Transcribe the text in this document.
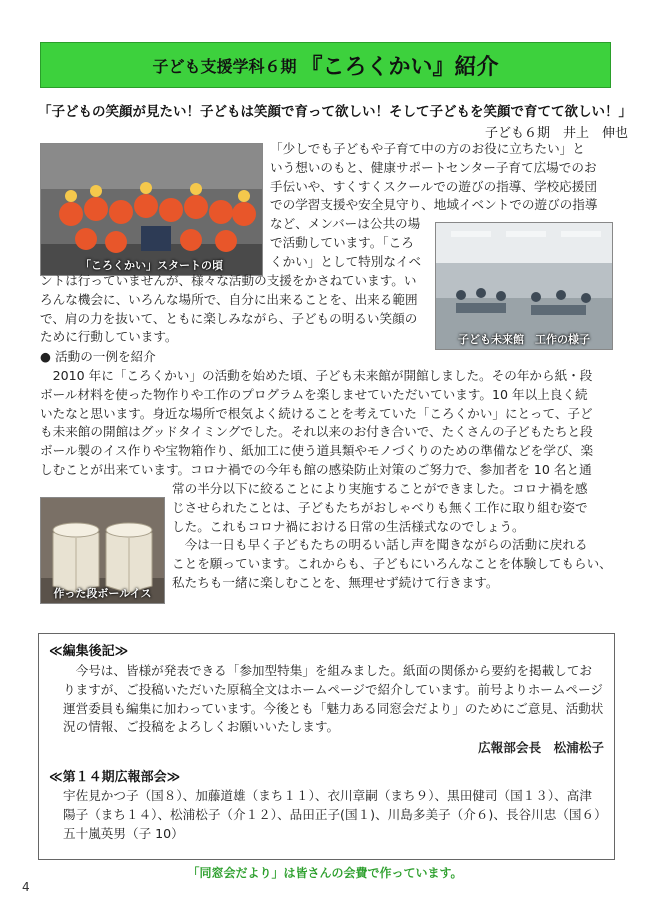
子ども支援学科６期 『ころくかい』紹介
「子どもの笑顔が見たい！子どもは笑顔で育って欲しい！そして子どもを笑顔で育てて欲しい！」
子ども６期　井上　伸也
「ころくかい」スタートの頃
子ども未来館　工作の様子
「少しでも子どもや子育て中の方のお役に立ちたい」と
いう想いのもと、健康サポートセンター子育て広場でのお
手伝いや、すくすくスクールでの遊びの指導、学校応援団
での学習支援や安全見守り、地域イベントでの遊びの指導
など、メンバーは公共の場
で活動しています。「ころ
くかい」として特別なイベ
ントは行っていませんが、様々な活動の支援をかさねています。い
ろんな機会に、いろんな場所で、自分に出来ることを、出来る範囲
で、肩の力を抜いて、ともに楽しみながら、子どもの明るい笑顔の
ために行動しています。
● 活動の一例を紹介
　2010 年に「ころくかい」の活動を始めた頃、子ども未来館が開館しました。その年から紙・段
ボール材料を使った物作りや工作のプログラムを楽しませていただいています。10 年以上良く続
いたなと思います。身近な場所で根気よく続けることを考えていた「ころくかい」にとって、子ど
も未来館の開館はグッドタイミングでした。それ以来のお付き合いで、たくさんの子どもたちと段
ボール製のイス作りや宝物箱作り、紙加工に使う道具類やモノづくりのための準備などを学び、楽
しむことが出来ています。コロナ禍での今年も館の感染防止対策のご努力で、参加者を 10 名と通
作った段ボールイス
常の半分以下に絞ることにより実施することができました。コロナ禍を感
じさせられたことは、子どもたちがおしゃべりも無く工作に取り組む姿で
した。これもコロナ禍における日常の生活様式なのでしょう。
　今は一日も早く子どもたちの明るい話し声を聞きながらの活動に戻れる
ことを願っています。これからも、子どもにいろんなことを体験してもらい、
私たちも一緒に楽しむことを、無理せず続けて行きます。
≪編集後記≫
　今号は、皆様が発表できる「参加型特集」を組みました。紙面の関係から要約を掲載しておりますが、ご投稿いただいた原稿全文はホームページで紹介しています。前号よりホームページ運営委員も編集に加わっています。今後とも「魅力ある同窓会だより」のためにご意見、活動状況の情報、ご投稿をよろしくお願いいたします。
広報部会長　松浦松子
≪第１４期広報部会≫
宇佐見かつ子（国８）、加藤道雄（まち１１）、衣川章嗣（まち９）、黒田健司（国１３）、高津陽子（まち１４）、松浦松子（介１２）、品田正子(国１)、川島多美子（介６)、長谷川忠（国６）五十嵐英男（子 10）
「同窓会だより」は皆さんの会費で作っています。
4
